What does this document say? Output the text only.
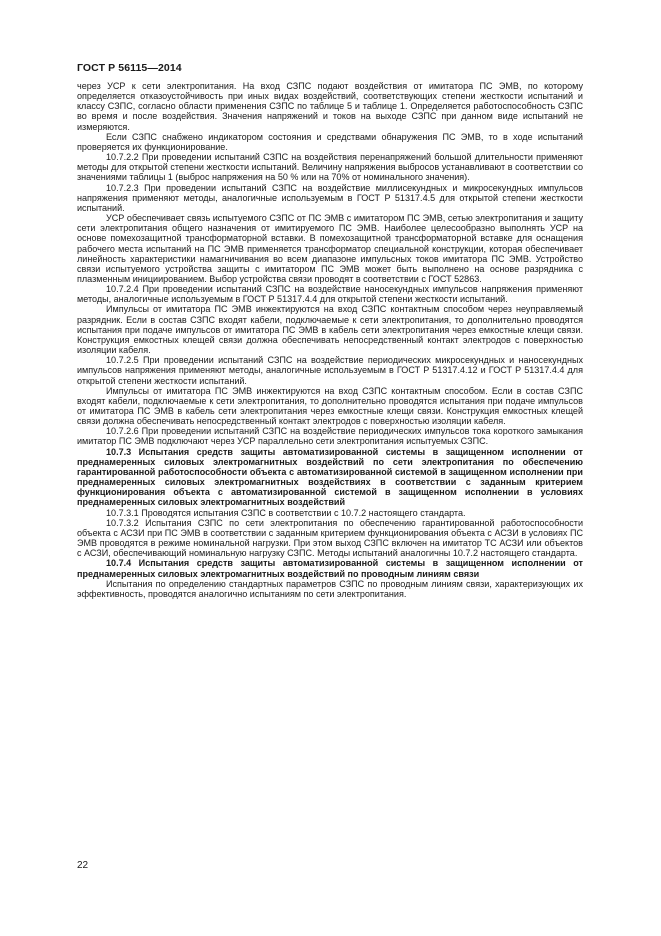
ГОСТ Р 56115—2014

через УСР к сети электропитания. На вход СЗПС подают воздействия от имитатора ПС ЭМВ, по которому определяется отказоустойчивость при иных видах воздействий, соответствующих степени жесткости испытаний и классу СЗПС, согласно области применения СЗПС по таблице 5 и таблице 1. Определяется работоспособность СЗПС во время и после воздействия. Значения напряжений и токов на выходе СЗПС при данном виде испытаний не измеряются.

Если СЗПС снабжено индикатором состояния и средствами обнаружения ПС ЭМВ, то в ходе испытаний проверяется их функционирование.

10.7.2.2 При проведении испытаний СЗПС на воздействия перенапряжений большой длительности применяют методы для открытой степени жесткости испытаний. Величину напряжения выбросов устанавливают в соответствии со значениями таблицы 1 (выброс напряжения на 50 % или на 70% от номинального значения).

10.7.2.3 При проведении испытаний СЗПС на воздействие миллисекундных и микросекундных импульсов напряжения применяют методы, аналогичные используемым в ГОСТ Р 51317.4.5 для открытой степени жесткости испытаний.

УСР обеспечивает связь испытуемого СЗПС от ПС ЭМВ с имитатором ПС ЭМВ, сетью электропитания и защиту сети электропитания общего назначения от имитируемого ПС ЭМВ. Наиболее целесообразно выполнять УСР на основе помехозащитной трансформаторной вставки. В помехозащитной трансформаторной вставке для оснащения рабочего места испытаний на ПС ЭМВ применяется трансформатор специальной конструкции, которая обеспечивает линейность характеристики намагничивания во всем диапазоне импульсных токов имитатора ПС ЭМВ. Устройство связи испытуемого устройства защиты с имитатором ПС ЭМВ может быть выполнено на основе разрядника с плазменным инициированием. Выбор устройства связи проводят в соответствии с ГОСТ 52863.

10.7.2.4 При проведении испытаний СЗПС на воздействие наносекундных импульсов напряжения применяют методы, аналогичные используемым в ГОСТ Р 51317.4.4 для открытой степени жесткости испытаний.

Импульсы от имитатора ПС ЭМВ инжектируются на вход СЗПС контактным способом через неуправляемый разрядник. Если в состав СЗПС входят кабели, подключаемые к сети электропитания, то дополнительно проводятся испытания при подаче импульсов от имитатора ПС ЭМВ в кабель сети электропитания через емкостные клещи связи. Конструкция емкостных клещей связи должна обеспечивать непосредственный контакт электродов с поверхностью изоляции кабеля.

10.7.2.5 При проведении испытаний СЗПС на воздействие периодических микросекундных и наносекундных импульсов напряжения применяют методы, аналогичные используемым в ГОСТ Р 51317.4.12 и ГОСТ Р 51317.4.4 для открытой степени жесткости испытаний.

Импульсы от имитатора ПС ЭМВ инжектируются на вход СЗПС контактным способом. Если в состав СЗПС входят кабели, подключаемые к сети электропитания, то дополнительно проводятся испытания при подаче импульсов от имитатора ПС ЭМВ в кабель сети электропитания через емкостные клещи связи. Конструкция емкостных клещей связи должна обеспечивать непосредственный контакт электродов с поверхностью изоляции кабеля.

10.7.2.6 При проведении испытаний СЗПС на воздействие периодических импульсов тока короткого замыкания имитатор ПС ЭМВ подключают через УСР параллельно сети электропитания испытуемых СЗПС.

10.7.3 Испытания средств защиты автоматизированной системы в защищенном исполнении от преднамеренных силовых электромагнитных воздействий по сети электропитания по обеспечению гарантированной работоспособности объекта с автоматизированной системой в защищенном исполнении при преднамеренных силовых электромагнитных воздействиях в соответствии с заданным критерием функционирования объекта с автоматизированной системой в защищенном исполнении в условиях преднамеренных силовых электромагнитных воздействий

10.7.3.1 Проводятся испытания СЗПС в соответствии с 10.7.2 настоящего стандарта.

10.7.3.2 Испытания СЗПС по сети электропитания по обеспечению гарантированной работоспособности объекта с АСЗИ при ПС ЭМВ в соответствии с заданным критерием функционирования объекта с АСЗИ в условиях ПС ЭМВ проводятся в режиме номинальной нагрузки. При этом выход СЗПС включен на имитатор ТС АСЗИ или объектов с АСЗИ, обеспечивающий номинальную нагрузку СЗПС. Методы испытаний аналогичны 10.7.2 настоящего стандарта.

10.7.4 Испытания средств защиты автоматизированной системы в защищенном исполнении от преднамеренных силовых электромагнитных воздействий по проводным линиям связи

Испытания по определению стандартных параметров СЗПС по проводным линиям связи, характеризующих их эффективность, проводятся аналогично испытаниям по сети электропитания.

22
